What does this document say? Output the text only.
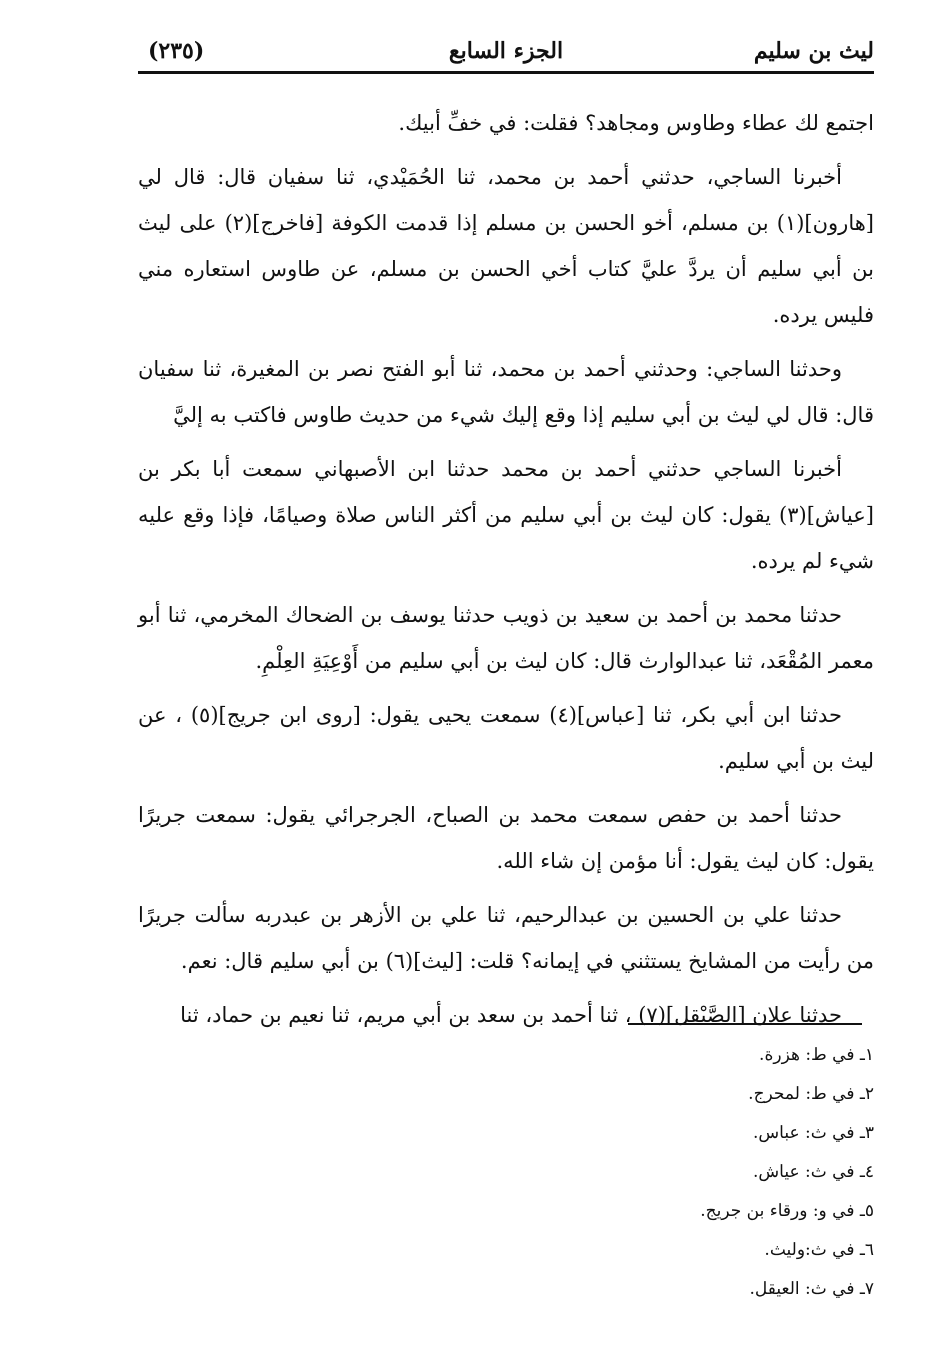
ليث بن سليم
الجزء السابع
(٢٣٥)

اجتمع لك عطاء وطاوس ومجاهد؟ فقلت: في خفِّ أبيك.

أخبرنا الساجي، حدثني أحمد بن محمد، ثنا الحُمَيْدي، ثنا سفيان قال: قال لي [هارون](١) بن مسلم، أخو الحسن بن مسلم إذا قدمت الكوفة [فاخرج](٢) على ليث بن أبي سليم أن يردَّ عليَّ كتاب أخي الحسن بن مسلم، عن طاوس استعاره مني فليس يرده.

وحدثنا الساجي: وحدثني أحمد بن محمد، ثنا أبو الفتح نصر بن المغيرة، ثنا سفيان قال: قال لي ليث بن أبي سليم إذا وقع إليك شيء من حديث طاوس فاكتب به إليَّ

أخبرنا الساجي حدثني أحمد بن محمد حدثنا ابن الأصبهاني سمعت أبا بكر بن [عياش](٣) يقول: كان ليث بن أبي سليم من أكثر الناس صلاة وصيامًا، فإذا وقع عليه شيء لم يرده.

حدثنا محمد بن أحمد بن سعيد بن ذويب حدثنا يوسف بن الضحاك المخرمي، ثنا أبو معمر المُقْعَد، ثنا عبدالوارث قال: كان ليث بن أبي سليم من أَوْعِيَةِ العِلْمِ.

حدثنا ابن أبي بكر، ثنا [عباس](٤) سمعت يحيى يقول: [روى ابن جريج](٥) ، عن ليث بن أبي سليم.

حدثنا أحمد بن حفص سمعت محمد بن الصباح، الجرجرائي يقول: سمعت جريرًا يقول: كان ليث يقول: أنا مؤمن إن شاء الله.

حدثنا علي بن الحسين بن عبدالرحيم، ثنا علي بن الأزهر بن عبدربه سألت جريرًا من رأيت من المشايخ يستثني في إيمانه؟ قلت: [ليث](٦) بن أبي سليم قال: نعم.

حدثنا علان [الصَّيْقل](٧) ، ثنا أحمد بن سعد بن أبي مريم، ثنا نعيم بن حماد، ثنا

١ـ في ط: هزرة.
٢ـ في ط: لمحرج.
٣ـ في ث: عباس.
٤ـ في ث: عياش.
٥ـ في و: ورقاء بن جريج.
٦ـ في ث:وليث.
٧ـ في ث: العيقل.
